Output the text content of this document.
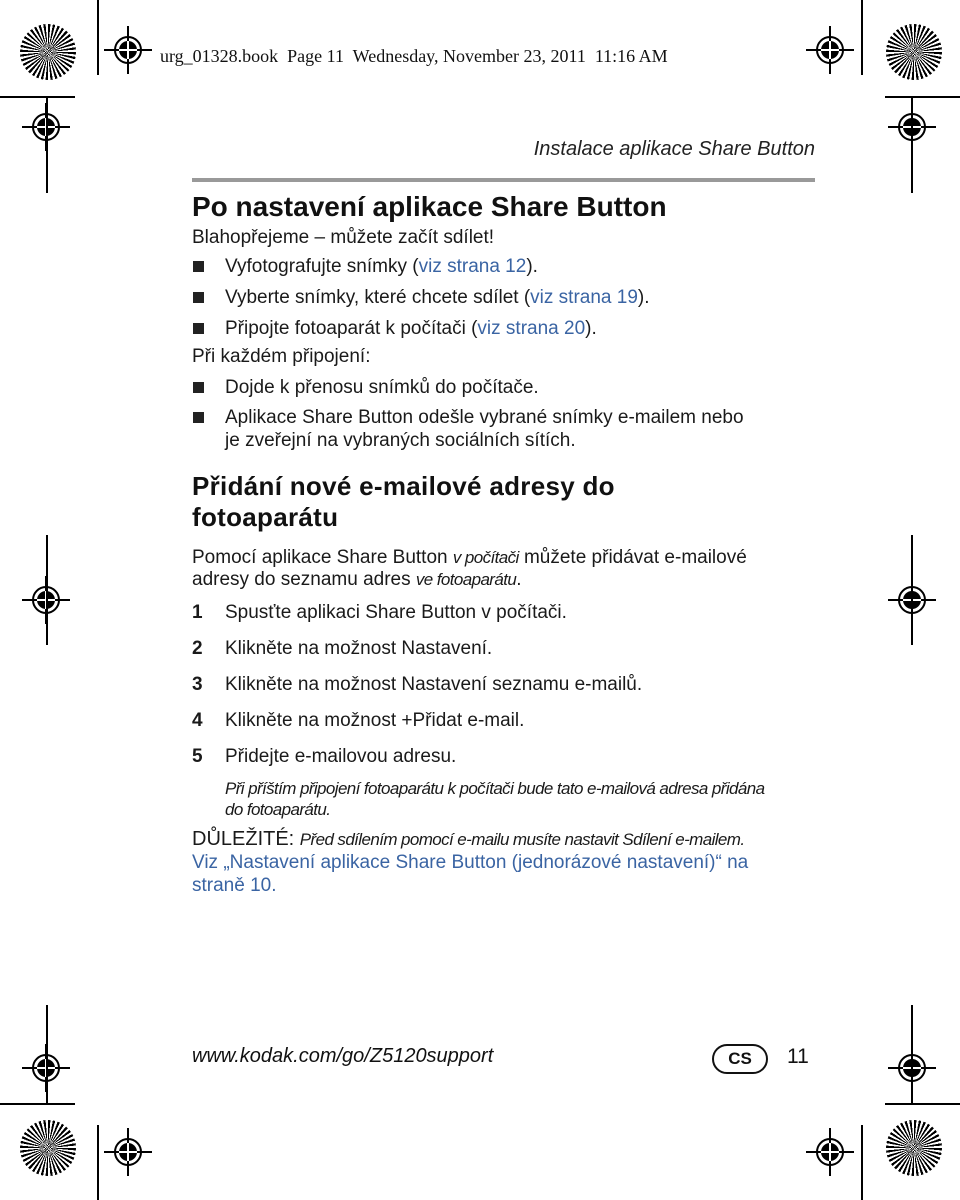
urg_01328.book  Page 11  Wednesday, November 23, 2011  11:16 AM
Instalace aplikace Share Button
Po nastavení aplikace Share Button

Blahopřejeme – můžete začít sdílet!

Vyfotografujte snímky (viz strana 12).
Vyberte snímky, které chcete sdílet (viz strana 19).
Připojte fotoaparát k počítači (viz strana 20).

Při každém připojení:

Dojde k přenosu snímků do počítače.
Aplikace Share Button odešle vybrané snímky e-mailem nebo
je zveřejní na vybraných sociálních sítích.
Přidání nové e-mailové adresy do
fotoaparátu
Pomocí aplikace Share Button v počítači můžete přidávat e-mailové
adresy do seznamu adres ve fotoaparátu.
1 Spusťte aplikaci Share Button v počítači.
2 Klikněte na možnost Nastavení.
3 Klikněte na možnost Nastavení seznamu e-mailů.
4 Klikněte na možnost +Přidat e-mail.
5 Přidejte e-mailovou adresu.
Při příštím připojení fotoaparátu k počítači bude tato e-mailová adresa přidána
do fotoaparátu.
DŮLEŽITÉ: Před sdílením pomocí e-mailu musíte nastavit Sdílení e-mailem.
Viz „Nastavení aplikace Share Button (jednorázové nastavení)“ na
straně 10.
www.kodak.com/go/Z5120support	CS	11
